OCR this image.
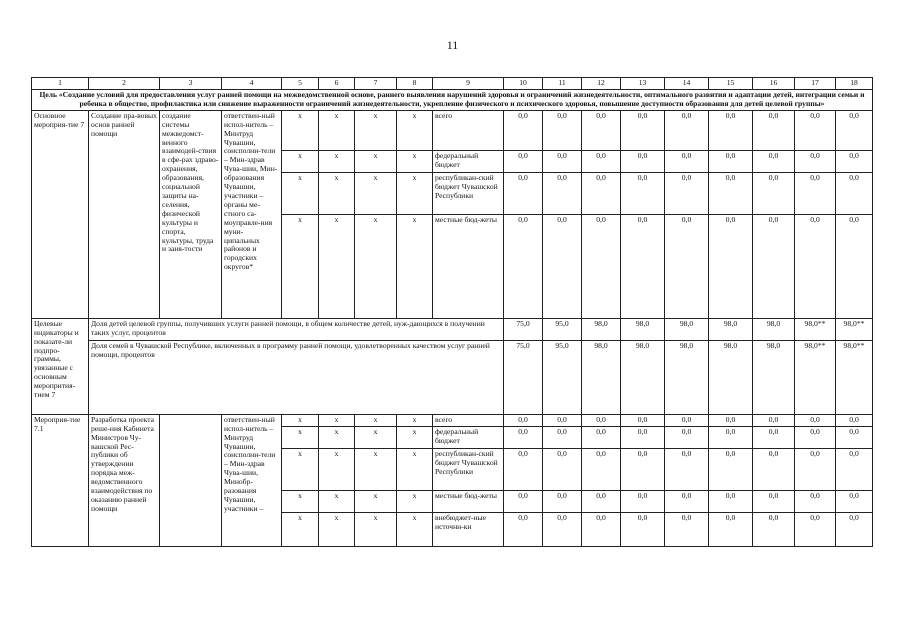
11
1	2	3	4	5	6	7	8	9	10	11	12	13	14	15	16	17	18
Цель «Создание условий для предоставления услуг ранней помощи на межведомственной основе, раннего выявления нарушений здоровья и ограничений жизнедеятельности, оптимального развития и адаптации детей, интеграции семьи и ребенка в общество, профилактика или снижение выраженности ограничений жизнедеятельности, укрепление физического и психического здоровья, повышение доступности образования для детей целевой группы»																	
Основное мероприя-тие 7	Создание пра-вовых основ ранней помощи	создание системы межведомст-венного взаимодей-ствия в сфе-рах здраво-охранения, образования, социальной защиты на-селения, физической культуры и спорта, культуры, труда и заня-тости	ответствен-ный испол-нитель – Минтруд Чувашии, соисполни-тели – Мин-здрав Чува-шии, Мин-образования Чувашии, участники – органы ме-стного са-моуправле-ния муни-ципальных районов и городских округов*	x	x	x	x	всего	0,0	0,0	0,0	0,0	0,0	0,0	0,0	0,0	0,0
				x	x	x	x	федеральный бюджет	0,0	0,0	0,0	0,0	0,0	0,0	0,0	0,0	0,0
				x	x	x	x	республикан-ский бюджет Чувашской Республики	0,0	0,0	0,0	0,0	0,0	0,0	0,0	0,0	0,0
				x	x	x	x	местные бюд-жеты	0,0	0,0	0,0	0,0	0,0	0,0	0,0	0,0	0,0
Целевые индикаторы и показате-ли подпро-граммы, увязанные с основным меропрития-тием 7	Доля детей целевой группы, получивших услуги ранней помощи, в общем количестве детей, нуж-дающихся в получении таких услуг, процентов								75,0	95,0	98,0	98,0	98,0	98,0	98,0	98,0**	98,0**
	Доля семей в Чувашской Республике, включенных в программу ранней помощи, удовлетворенных качеством услуг ранней помощи, процентов								75,0	95,0	98,0	98,0	98,0	98,0	98,0	98,0**	98,0**
Мероприя-тие 7.1	Разработка проекта реше-ния Кабинета Министров Чу-вашской Рес-публики об утверждении порядка меж-ведомственного взаимодействия по оказанию ранней помощи		ответствен-ный испол-нитель – Минтруд Чувашии, соисполни-тели – Мин-здрав Чува-шии, Минобр-разования Чувашии, участники –	x	x	x	x	всего	0,0	0,0	0,0	0,0	0,0	0,0	0,0	0,0	0,0
				x	x	x	x	федеральный бюджет	0,0	0,0	0,0	0,0	0,0	0,0	0,0	0,0	0,0
				x	x	x	x	республикан-ский бюджет Чувашской Республики	0,0	0,0	0,0	0,0	0,0	0,0	0,0	0,0	0,0
				x	x	x	x	местные бюд-жеты	0,0	0,0	0,0	0,0	0,0	0,0	0,0	0,0	0,0
				x	x	x	x	внебюджет-ные источни-ки	0,0	0,0	0,0	0,0	0,0	0,0	0,0	0,0	0,0
